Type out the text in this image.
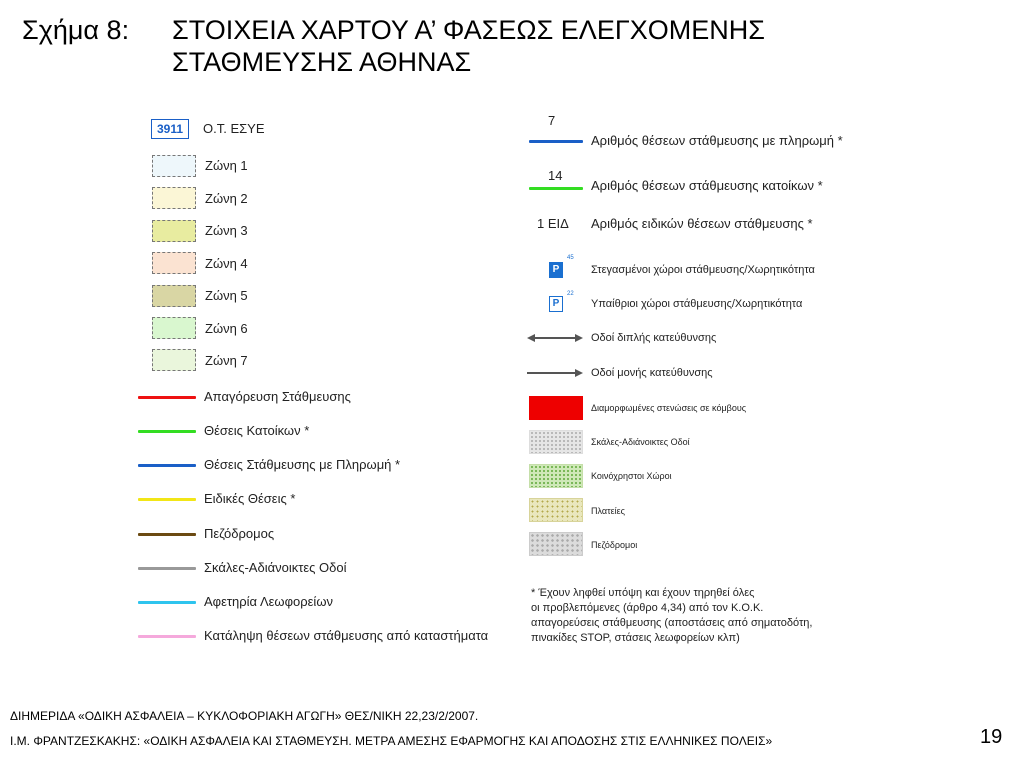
Σχήμα 8: ΣΤΟΙΧΕΙΑ ΧΑΡΤΟΥ Α’ ΦΑΣΕΩΣ ΕΛΕΓΧΟΜΕΝΗΣ
ΣΤΑΘΜΕΥΣΗΣ ΑΘΗΝΑΣ
3911	Ο.Τ. ΕΣΥΕ
Ζώνη 1
Ζώνη 2
Ζώνη 3
Ζώνη 4
Ζώνη 5
Ζώνη 6
Ζώνη 7
Απαγόρευση Στάθμευσης
Θέσεις Κατοίκων *
Θέσεις Στάθμευσης με Πληρωμή *
Ειδικές Θέσεις *
Πεζόδρομος
Σκάλες-Αδιάνοικτες Οδοί
Αφετηρία Λεωφορείων
Κατάληψη θέσεων στάθμευσης από καταστήματα
7
Αριθμός θέσεων στάθμευσης με πληρωμή *
14
Αριθμός θέσεων στάθμευσης κατοίκων *
1 ΕΙΔ Αριθμός ειδικών θέσεων στάθμευσης *
P
45
Στεγασμένοι χώροι στάθμευσης/Χωρητικότητα
P
22
Υπαίθριοι χώροι στάθμευσης/Χωρητικότητα
Οδοί διπλής κατεύθυνσης
Οδοί μονής κατεύθυνσης
Διαμορφωμένες στενώσεις σε κόμβους
Σκάλες-Αδιάνοικτες Οδοί
Κοινόχρηστοι Χώροι
Πλατείες
Πεζόδρομοι
* Έχουν ληφθεί υπόψη και έχουν τηρηθεί όλες
οι προβλεπόμενες (άρθρο 4,34) από τον Κ.Ο.Κ.
απαγορεύσεις στάθμευσης (αποστάσεις από σηματοδότη,
πινακίδες STOP, στάσεις λεωφορείων κλπ)
ΔΙΗΜΕΡΙΔΑ «ΟΔΙΚΗ ΑΣΦΑΛΕΙΑ – ΚΥΚΛΟΦΟΡΙΑΚΗ ΑΓΩΓΗ» ΘΕΣ/ΝΙΚΗ 22,23/2/2007.
Ι.Μ. ΦΡΑΝΤΖΕΣΚΑΚΗΣ: «ΟΔΙΚΗ ΑΣΦΑΛΕΙΑ ΚΑΙ ΣΤΑΘΜΕΥΣΗ. ΜΕΤΡΑ ΑΜΕΣΗΣ ΕΦΑΡΜΟΓΗΣ ΚΑΙ ΑΠΟΔΟΣΗΣ ΣΤΙΣ ΕΛΛΗΝΙΚΕΣ ΠΟΛΕΙΣ»	19
